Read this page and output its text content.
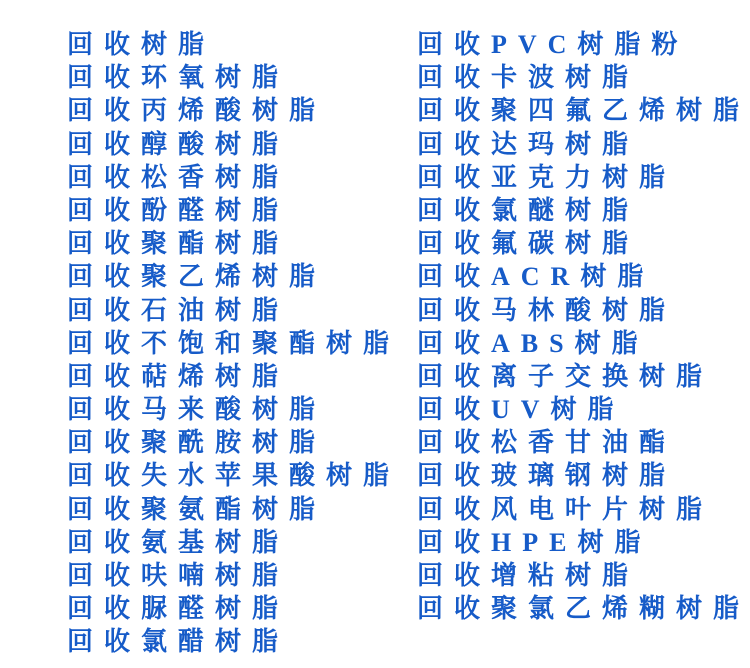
回收树脂
回收环氧树脂
回收丙烯酸树脂
回收醇酸树脂
回收松香树脂
回收酚醛树脂
回收聚酯树脂
回收聚乙烯树脂
回收石油树脂
回收不饱和聚酯树脂
回收萜烯树脂
回收马来酸树脂
回收聚酰胺树脂
回收失水苹果酸树脂
回收聚氨酯树脂
回收氨基树脂
回收呋喃树脂
回收脲醛树脂
回收氯醋树脂
回收PVC树脂粉
回收卡波树脂
回收聚四氟乙烯树脂
回收达玛树脂
回收亚克力树脂
回收氯醚树脂
回收氟碳树脂
回收ACR树脂
回收马林酸树脂
回收ABS树脂
回收离子交换树脂
回收UV树脂
回收松香甘油酯
回收玻璃钢树脂
回收风电叶片树脂
回收HPE树脂
回收增粘树脂
回收聚氯乙烯糊树脂
